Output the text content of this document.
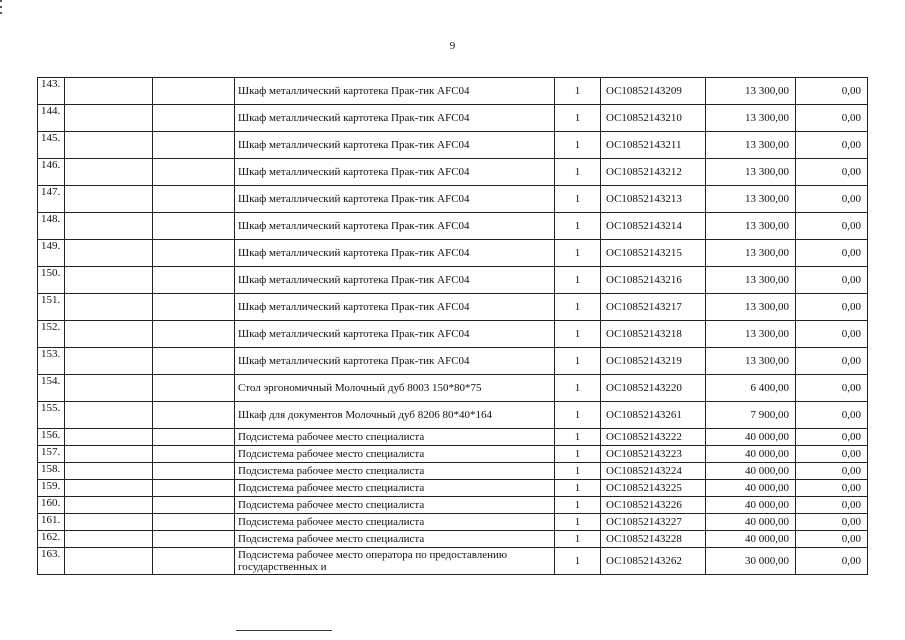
9
143.			Шкаф металлический картотека Прак-тик AFC04	1	ОС10852143209	13 300,00	0,00
144.			Шкаф металлический картотека Прак-тик AFC04	1	ОС10852143210	13 300,00	0,00
145.			Шкаф металлический картотека Прак-тик AFC04	1	ОС10852143211	13 300,00	0,00
146.			Шкаф металлический картотека Прак-тик AFC04	1	ОС10852143212	13 300,00	0,00
147.			Шкаф металлический картотека Прак-тик AFC04	1	ОС10852143213	13 300,00	0,00
148.			Шкаф металлический картотека Прак-тик AFC04	1	ОС10852143214	13 300,00	0,00
149.			Шкаф металлический картотека Прак-тик AFC04	1	ОС10852143215	13 300,00	0,00
150.			Шкаф металлический картотека Прак-тик AFC04	1	ОС10852143216	13 300,00	0,00
151.			Шкаф металлический картотека Прак-тик AFC04	1	ОС10852143217	13 300,00	0,00
152.			Шкаф металлический картотека Прак-тик AFC04	1	ОС10852143218	13 300,00	0,00
153.			Шкаф металлический картотека Прак-тик AFC04	1	ОС10852143219	13 300,00	0,00
154.			Стол эргономичный Молочный дуб 8003 150*80*75	1	ОС10852143220	6 400,00	0,00
155.			Шкаф для документов Молочный дуб 8206 80*40*164	1	ОС10852143261	7 900,00	0,00
156.			Подсистема рабочее место специалиста	1	ОС10852143222	40 000,00	0,00
157.			Подсистема рабочее место специалиста	1	ОС10852143223	40 000,00	0,00
158.			Подсистема рабочее место специалиста	1	ОС10852143224	40 000,00	0,00
159.			Подсистема рабочее место специалиста	1	ОС10852143225	40 000,00	0,00
160.			Подсистема рабочее место специалиста	1	ОС10852143226	40 000,00	0,00
161.			Подсистема рабочее место специалиста	1	ОС10852143227	40 000,00	0,00
162.			Подсистема рабочее место специалиста	1	ОС10852143228	40 000,00	0,00
163.			Подсистема рабочее место оператора по предоставлению государственных и	1	ОС10852143262	30 000,00	0,00
